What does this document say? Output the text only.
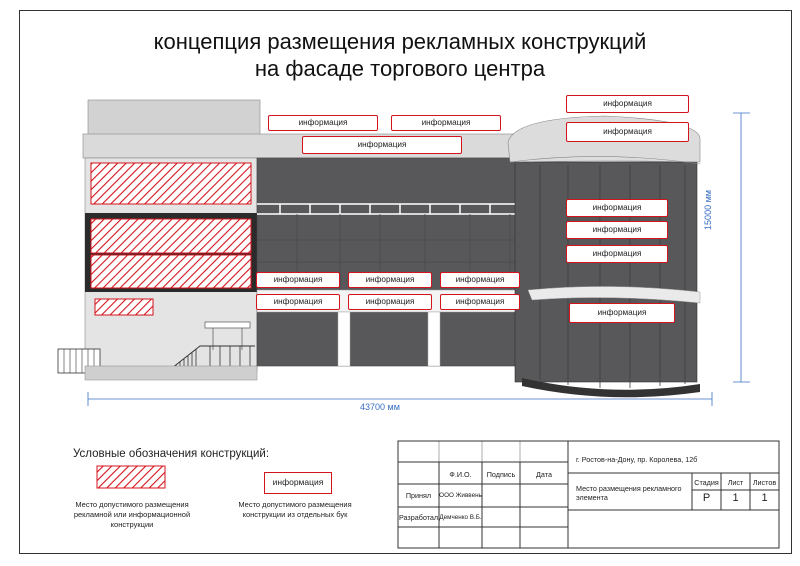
концепция размещения рекламных конструкций
на фасаде торгового центра
информация	информация
информация
информация
информация
информация
информация
информация
информация	информация	информация
информация	информация	информация
информация
43700 мм
15000 мм
Условные обозначения конструкций:
Место допустимого размещения рекламной или информационной конструкции
информация
Место допустимого размещения конструкции из отдельных бук
Ф.И.О.	Подпись	Дата
Принял	ООО Живвень
Разработал Демченко В.Б.
г. Ростов-на-Дону, пр. Королева, 12б
Место размещения рекламного элемента
Стадия	Лист	Листов
Р	1	1
